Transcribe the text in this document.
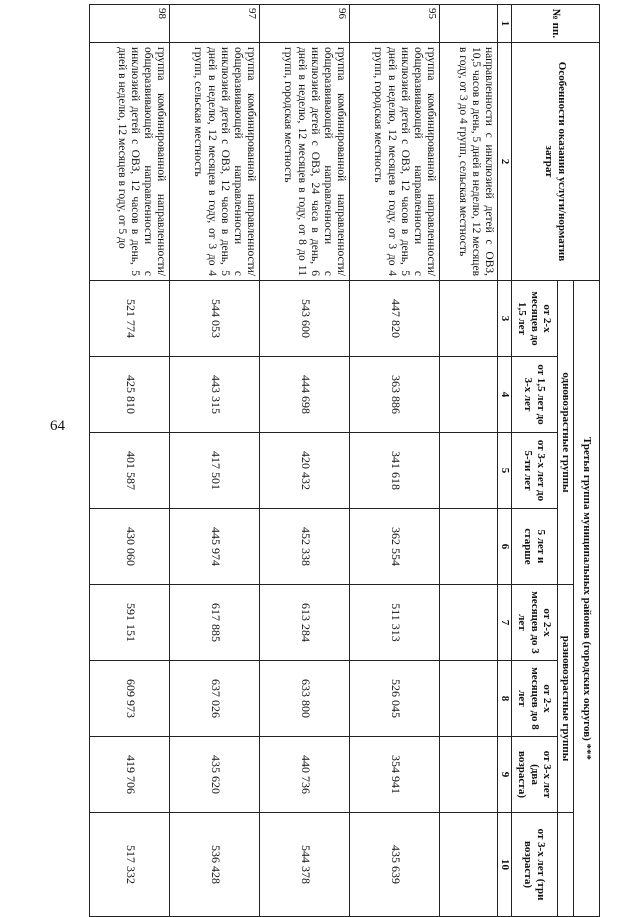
64
№ пп.	Особенности оказания услуги/норматив затрат	Третья группа муниципальных районов (городских округов) ***							
		одновозрастные группы				разновозрастные группы			
		от 2-х месяцев до 1,5 лет	от 1,5 лет до 3-х лет	от 3-х лет до 5-ти лет	5 лет и старше	от 2-х месяцев до 3 лет	от 2-х месяцев до 8 лет	от 3-х лет (два возраста)	от 3-х лет (три возраста)
1	2	3	4	5	6	7	8	9	10
	направленности с инклюзией детей с ОВЗ, 10,5 часов в день, 5 дней в неделю, 12 месяцев в году, от 3 до 4 групп, сельская местность								
95	группа комбинированной направленности/общеразвивающей направленности с инклюзией детей с ОВЗ, 12 часов в день, 5 дней в неделю, 12 месяцев в году, от 3 до 4 групп, городская местность	447 820	363 886	341 618	362 554	511 313	526 045	354 941	435 639
96	группа комбинированной направленности/ общеразвивающей направленности с инклюзией детей с ОВЗ, 24 часа в день, 6 дней в неделю, 12 месяцев в году, от 8 до 11 групп, городская местность	543 600	444 698	420 432	452 338	613 284	633 800	440 736	544 378
97	группа комбинированной направленности/ общеразвивающей направленности с инклюзией детей с ОВЗ, 12 часов в день, 5 дней в неделю, 12 месяцев в году, от 3 до 4 групп, сельская местность	544 053	443 315	417 501	445 974	617 885	637 026	435 620	536 428
98	группа комбинированной направленности/ общеразвивающей направленности с инклюзией детей с ОВЗ, 12 часов в день, 5 дней в неделю, 12 месяцев в году, от 5 до	521 774	425 810	401 587	430 060	591 151	609 973	419 706	517 332
